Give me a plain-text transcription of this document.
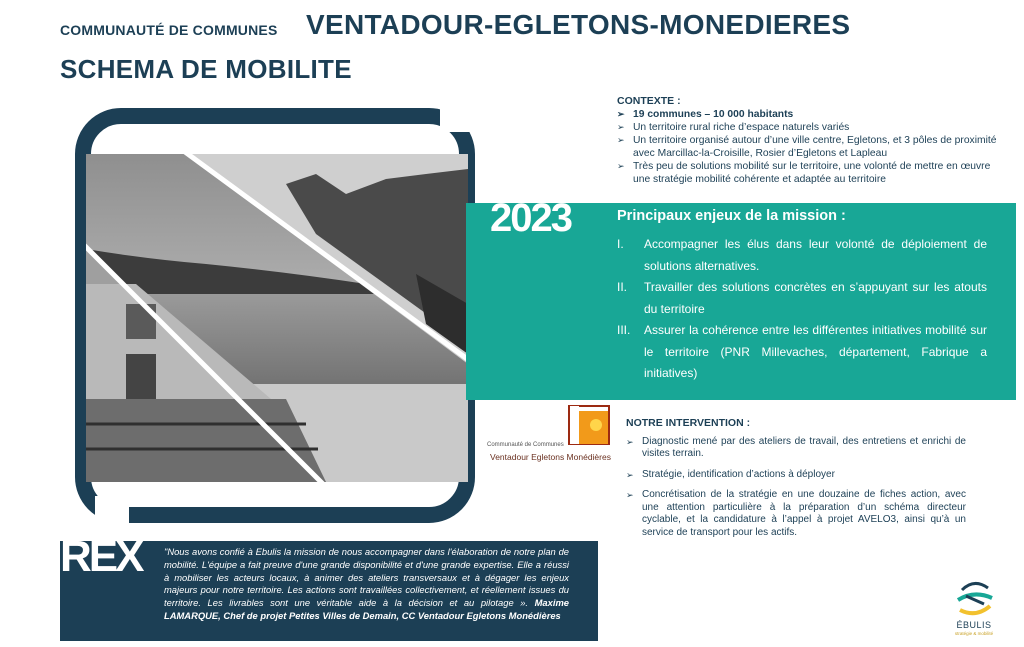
COMMUNAUTÉ DE COMMUNES VENTADOUR-EGLETONS-MONEDIERES
SCHEMA DE MOBILITE
CONTEXTE :
➢ 19 communes – 10 000 habitants
➢ Un territoire rural riche d’espace naturels variés
➢ Un territoire organisé autour d’une ville centre, Egletons, et 3 pôles de proximité avec Marcillac-la-Croisille, Rosier d’Egletons et Lapleau
➢ Très peu de solutions mobilité sur le territoire, une volonté de mettre en œuvre une stratégie mobilité cohérente et adaptée au territoire
2023	Principaux enjeux de la mission :
I. Accompagner les élus dans leur volonté de déploiement de solutions alternatives.
II. Travailler des solutions concrètes en s’appuyant sur les atouts du territoire
III. Assurer la cohérence entre les différentes initiatives mobilité sur le territoire (PNR Millevaches, département, Fabrique a initiatives)
Communauté de Communes
Ventadour Egletons Monédières
NOTRE INTERVENTION :
➢ Diagnostic mené par des ateliers de travail, des entretiens et enrichi de visites terrain.
➢ Stratégie, identification d’actions à déployer
➢ Concrétisation de la stratégie en une douzaine de fiches action, avec une attention particulière à la préparation d’un schéma directeur cyclable, et la candidature à l’appel à projet AVELO3, ainsi qu’à un service de transport pour les actifs.
REX "Nous avons confié à Ebulis la mission de nous accompagner dans l'élaboration de notre plan de mobilité. L'équipe a fait preuve d'une grande disponibilité et d'une grande expertise. Elle a réussi à mobiliser les acteurs locaux, à animer des ateliers transversaux et à dégager les enjeux majeurs pour notre territoire. Les actions sont travaillées collectivement, et réellement issues du territoire. Les livrables sont une véritable aide à la décision et au pilotage ». Maxime LAMARQUE, Chef de projet Petites Villes de Demain, CC Ventadour Egletons Monédières
ÉBULIS
stratégie & mobilité
